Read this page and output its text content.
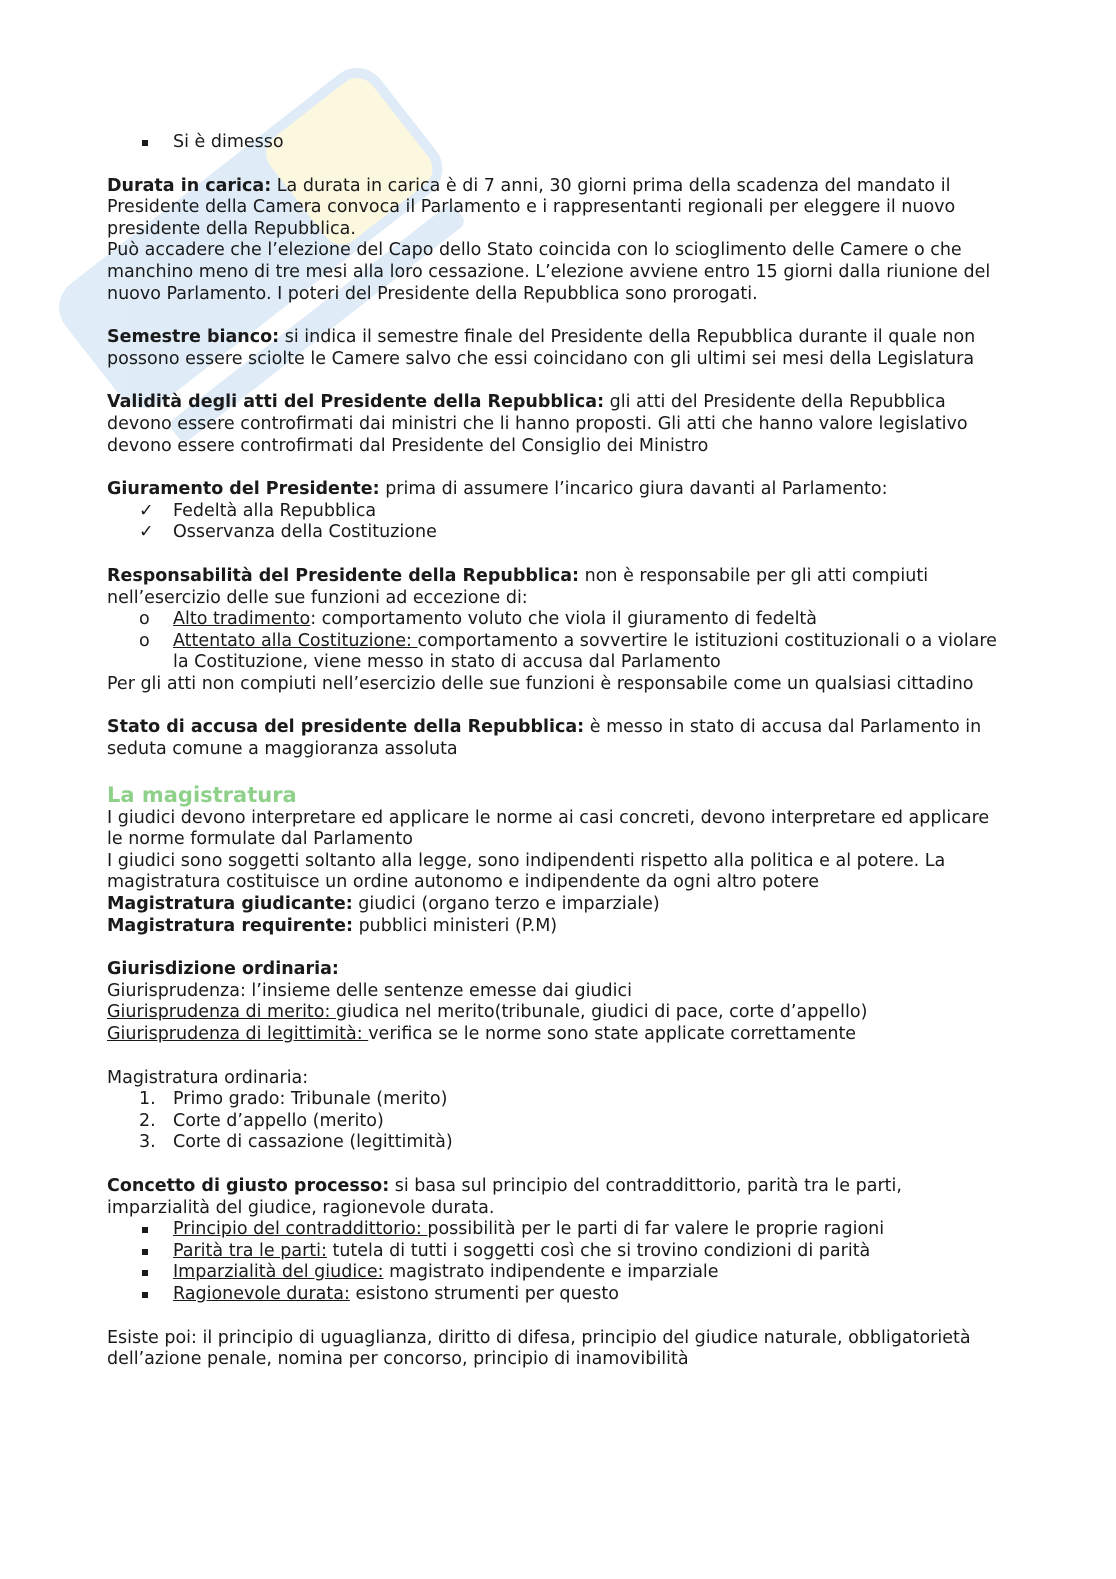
Si è dimesso

Durata in carica: La durata in carica è di 7 anni, 30 giorni prima della scadenza del mandato il Presidente della Camera convoca il Parlamento e i rappresentanti regionali per eleggere il nuovo presidente della Repubblica.

Può accadere che l’elezione del Capo dello Stato coincida con lo scioglimento delle Camere o che manchino meno di tre mesi alla loro cessazione. L’elezione avviene entro 15 giorni dalla riunione del nuovo Parlamento. I poteri del Presidente della Repubblica sono prorogati.

Semestre bianco: si indica il semestre finale del Presidente della Repubblica durante il quale non possono essere sciolte le Camere salvo che essi coincidano con gli ultimi sei mesi della Legislatura

Validità degli atti del Presidente della Repubblica: gli atti del Presidente della Repubblica devono essere controfirmati dai ministri che li hanno proposti. Gli atti che hanno valore legislativo devono essere controfirmati dal Presidente del Consiglio dei Ministro

Giuramento del Presidente: prima di assumere l’incarico giura davanti al Parlamento:

✓	Fedeltà alla Repubblica
✓	Osservanza della Costituzione

Responsabilità del Presidente della Repubblica: non è responsabile per gli atti compiuti nell’esercizio delle sue funzioni ad eccezione di:

o	Alto tradimento: comportamento voluto che viola il giuramento di fedeltà
o	Attentato alla Costituzione: comportamento a sovvertire le istituzioni costituzionali o a violare la Costituzione, viene messo in stato di accusa dal Parlamento

Per gli atti non compiuti nell’esercizio delle sue funzioni è responsabile come un qualsiasi cittadino

Stato di accusa del presidente della Repubblica: è messo in stato di accusa dal Parlamento in seduta comune a maggioranza assoluta

La magistratura

I giudici devono interpretare ed applicare le norme ai casi concreti, devono interpretare ed applicare le norme formulate dal Parlamento

I giudici sono soggetti soltanto alla legge, sono indipendenti rispetto alla politica e al potere. La magistratura costituisce un ordine autonomo e indipendente da ogni altro potere

Magistratura giudicante: giudici (organo terzo e imparziale)

Magistratura requirente: pubblici ministeri (P.M)

Giurisdizione ordinaria:

Giurisprudenza: l’insieme delle sentenze emesse dai giudici

Giurisprudenza di merito: giudica nel merito(tribunale, giudici di pace, corte d’appello)

Giurisprudenza di legittimità: verifica se le norme sono state applicate correttamente

Magistratura ordinaria:

1. Primo grado: Tribunale (merito)
2. Corte d’appello (merito)
3. Corte di cassazione (legittimità)

Concetto di giusto processo: si basa sul principio del contraddittorio, parità tra le parti, imparzialità del giudice, ragionevole durata.

Principio del contraddittorio: possibilità per le parti di far valere le proprie ragioni
Parità tra le parti: tutela di tutti i soggetti così che si trovino condizioni di parità
Imparzialità del giudice: magistrato indipendente e imparziale
Ragionevole durata: esistono strumenti per questo

Esiste poi: il principio di uguaglianza, diritto di difesa, principio del giudice naturale, obbligatorietà dell’azione penale, nomina per concorso, principio di inamovibilità
